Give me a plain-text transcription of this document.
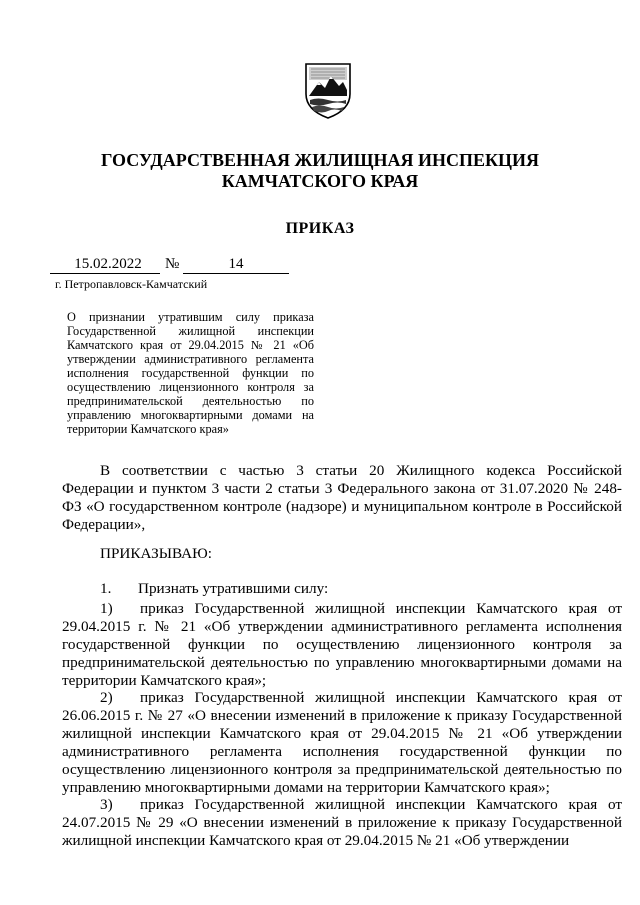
ГОСУДАРСТВЕННАЯ ЖИЛИЩНАЯ ИНСПЕКЦИЯ
КАМЧАТСКОГО КРАЯ
ПРИКАЗ
15.02.2022	№	14
г. Петропавловск-Камчатский
О признании утратившим силу приказа Государственной жилищной инспекции Камчатского края от 29.04.2015 № 21 «Об утверждении административного регламента исполнения государственной функции по осуществлению лицензионного контроля за предпринимательской деятельностью по управлению многоквартирными домами на территории Камчатского края»
В соответствии с частью 3 статьи 20 Жилищного кодекса Российской Федерации и пунктом 3 части 2 статьи 3 Федерального закона от 31.07.2020 № 248-ФЗ «О государственном контроле (надзоре) и муниципальном контроле в Российской Федерации»,
ПРИКАЗЫВАЮ:
1. Признать утратившими силу:
1) приказ Государственной жилищной инспекции Камчатского края от 29.04.2015 г. № 21 «Об утверждении административного регламента исполнения государственной функции по осуществлению лицензионного контроля за предпринимательской деятельностью по управлению многоквартирными домами на территории Камчатского края»;
2) приказ Государственной жилищной инспекции Камчатского края от 26.06.2015 г. № 27 «О внесении изменений в приложение к приказу Государственной жилищной инспекции Камчатского края от 29.04.2015 № 21 «Об утверждении административного регламента исполнения государственной функции по осуществлению лицензионного контроля за предпринимательской деятельностью по управлению многоквартирными домами на территории Камчатского края»;
3) приказ Государственной жилищной инспекции Камчатского края от 24.07.2015 № 29 «О внесении изменений в приложение к приказу Государственной жилищной инспекции Камчатского края от 29.04.2015 № 21 «Об утверждении
